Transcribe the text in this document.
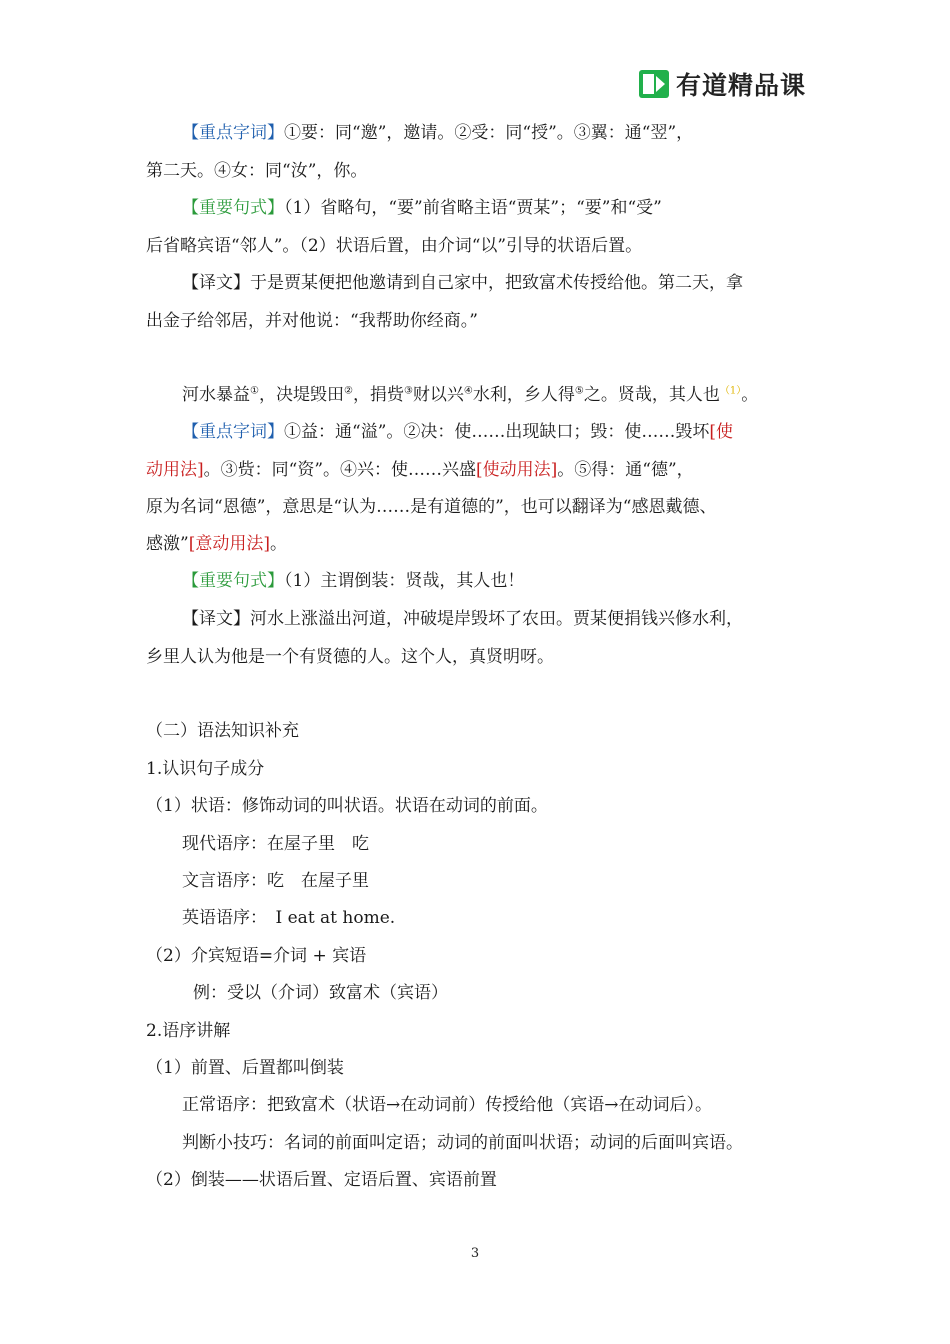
有道精品课
【重点字词】①要：同“邀”，邀请。②受：同“授”。③翼：通“翌”，
第二天。④女：同“汝”，你。
【重要句式】（1）省略句，“要”前省略主语“贾某”；“要”和“受”
后省略宾语“邻人”。（2）状语后置，由介词“以”引导的状语后置。
【译文】于是贾某便把他邀请到自己家中，把致富术传授给他。第二天，拿
出金子给邻居，并对他说：“我帮助你经商。”
河水暴益①，决堤毁田②，捐赀③财以兴④水利，乡人得⑤之。贤哉，其人也$^{(1)}$。
【重点字词】①益：通“溢”。②决：使……出现缺口；毁：使……毁坏[使
动用法]。③赀：同“资”。④兴：使……兴盛[使动用法]。⑤得：通“德”，
原为名词“恩德”，意思是“认为……是有道德的”，也可以翻译为“感恩戴德、
感激”[意动用法]。
【重要句式】（1）主谓倒装：贤哉，其人也！
【译文】河水上涨溢出河道，冲破堤岸毁坏了农田。贾某便捐钱兴修水利，
乡里人认为他是一个有贤德的人。这个人，真贤明呀。
（二）语法知识补充
1.认识句子成分
（1）状语：修饰动词的叫状语。状语在动词的前面。
现代语序：在屋子里　吃
文言语序：吃　在屋子里
英语语序：　I eat at home.
（2）介宾短语=介词 + 宾语
例：受以（介词）致富术（宾语）
2.语序讲解
（1）前置、后置都叫倒装
正常语序：把致富术（状语→在动词前）传授给他（宾语→在动词后）。
判断小技巧：名词的前面叫定语；动词的前面叫状语；动词的后面叫宾语。
（2）倒装——状语后置、定语后置、宾语前置
3
